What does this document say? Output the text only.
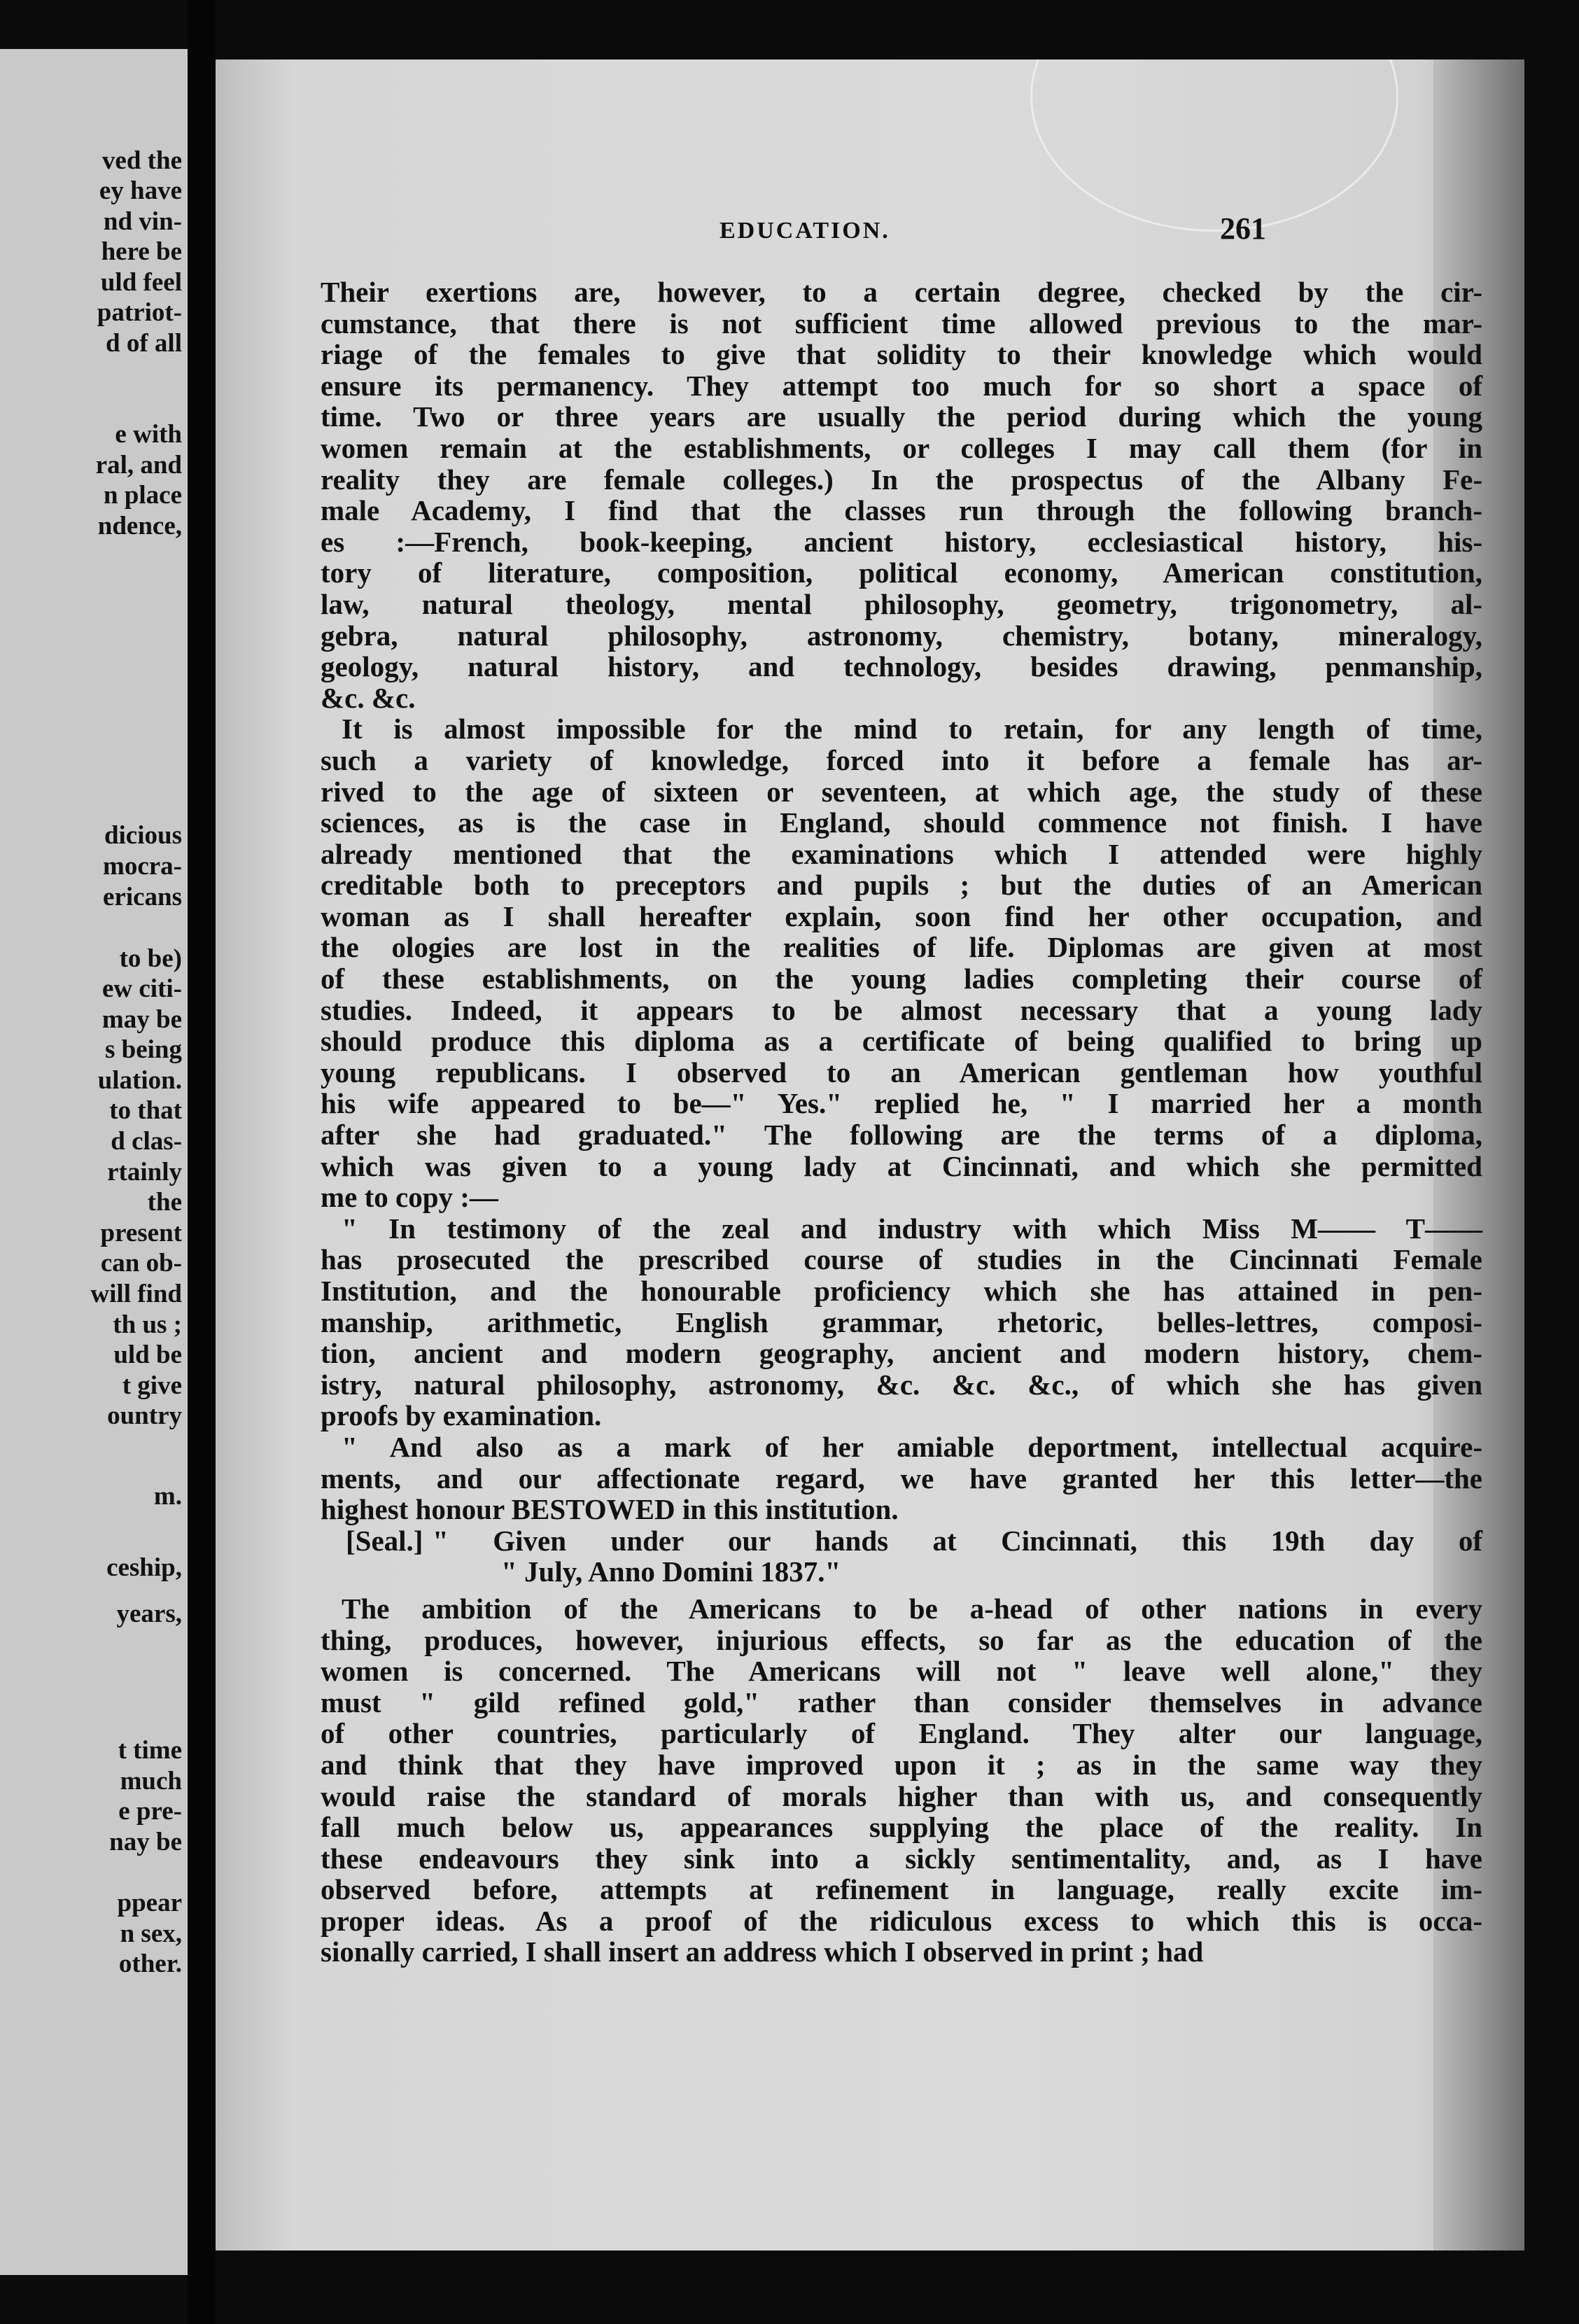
ved the
ey have
nd vin-
here be
uld feel
patriot-
d of all
e with
ral, and
n place
ndence,
dicious
mocra-
ericans
to be)
ew citi-
may be
s being
ulation.
to that
d clas-
rtainly
the
present
can ob-
will find
th us ;
uld be
t give
ountry
m.
ceship,
years,
t time
much
e pre-
nay be
ppear
n sex,
other.
EDUCATION.	261
Their exertions are, however, to a certain degree, checked by the cir-
cumstance, that there is not sufficient time allowed previous to the mar-
riage of the females to give that solidity to their knowledge which would
ensure its permanency. They attempt too much for so short a space of
time. Two or three years are usually the period during which the young
women remain at the establishments, or colleges I may call them (for in
reality they are female colleges.) In the prospectus of the Albany Fe-
male Academy, I find that the classes run through the following branch-
es :—French, book-keeping, ancient history, ecclesiastical history, his-
tory of literature, composition, political economy, American constitution,
law, natural theology, mental philosophy, geometry, trigonometry, al-
gebra, natural philosophy, astronomy, chemistry, botany, mineralogy,
geology, natural history, and technology, besides drawing, penmanship,
&c. &c.
It is almost impossible for the mind to retain, for any length of time,
such a variety of knowledge, forced into it before a female has ar-
rived to the age of sixteen or seventeen, at which age, the study of these
sciences, as is the case in England, should commence not finish. I have
already mentioned that the examinations which I attended were highly
creditable both to preceptors and pupils ; but the duties of an American
woman as I shall hereafter explain, soon find her other occupation, and
the ologies are lost in the realities of life. Diplomas are given at most
of these establishments, on the young ladies completing their course of
studies. Indeed, it appears to be almost necessary that a young lady
should produce this diploma as a certificate of being qualified to bring up
young republicans. I observed to an American gentleman how youthful
his wife appeared to be—" Yes." replied he, " I married her a month
after she had graduated." The following are the terms of a diploma,
which was given to a young lady at Cincinnati, and which she permitted
me to copy :—
" In testimony of the zeal and industry with which Miss M—— T——
has prosecuted the prescribed course of studies in the Cincinnati Female
Institution, and the honourable proficiency which she has attained in pen-
manship, arithmetic, English grammar, rhetoric, belles-lettres, composi-
tion, ancient and modern geography, ancient and modern history, chem-
istry, natural philosophy, astronomy, &c. &c. &c., of which she has given
proofs by examination.
" And also as a mark of her amiable deportment, intellectual acquire-
ments, and our affectionate regard, we have granted her this letter—the
highest honour BESTOWED in this institution.
[Seal.] " Given under our hands at Cincinnati, this 19th day of
" July, Anno Domini 1837."
The ambition of the Americans to be a-head of other nations in every
thing, produces, however, injurious effects, so far as the education of the
women is concerned. The Americans will not " leave well alone," they
must " gild refined gold," rather than consider themselves in advance
of other countries, particularly of England. They alter our language,
and think that they have improved upon it ; as in the same way they
would raise the standard of morals higher than with us, and consequently
fall much below us, appearances supplying the place of the reality. In
these endeavours they sink into a sickly sentimentality, and, as I have
observed before, attempts at refinement in language, really excite im-
proper ideas. As a proof of the ridiculous excess to which this is occa-
sionally carried, I shall insert an address which I observed in print ; had
